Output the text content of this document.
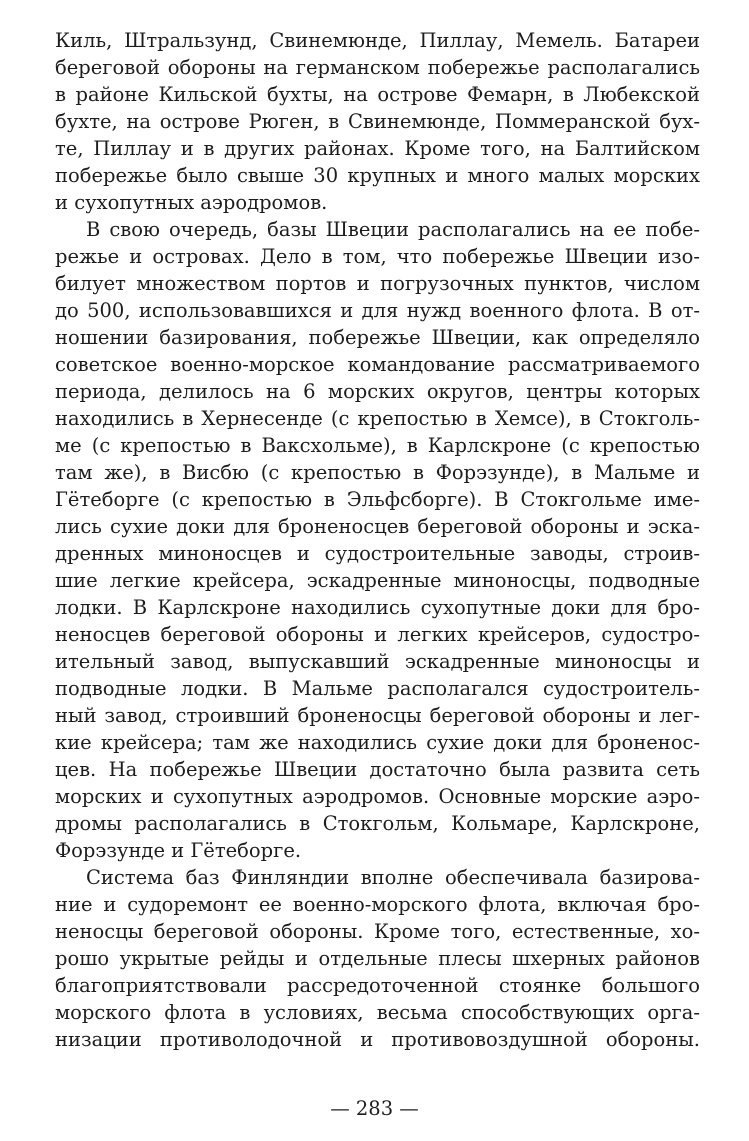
Киль, Штральзунд, Свинемюнде, Пиллау, Мемель. Батареи

береговой обороны на германском побережье располагались

в районе Кильской бухты, на острове Фемарн, в Любекской

бухте, на острове Рюген, в Свинемюнде, Поммеранской бух-

те, Пиллау и в других районах. Кроме того, на Балтийском

побережье было свыше 30 крупных и много малых морских

и сухопутных аэродромов.

В свою очередь, базы Швеции располагались на ее побе-

режье и островах. Дело в том, что побережье Швеции изо-

билует множеством портов и погрузочных пунктов, числом

до 500, использовавшихся и для нужд военного флота. В от-

ношении базирования, побережье Швеции, как определяло

советское военно-морское командование рассматриваемого

периода, делилось на 6 морских округов, центры которых

находились в Хернесенде (с крепостью в Хемсе), в Стокголь-

ме (с крепостью в Ваксхольме), в Карлскроне (с крепостью

там же), в Висбю (с крепостью в Форэзунде), в Мальме и

Гётеборге (с крепостью в Эльфсборге). В Стокгольме име-

лись сухие доки для броненосцев береговой обороны и эска-

дренных миноносцев и судостроительные заводы, строив-

шие легкие крейсера, эскадренные миноносцы, подводные

лодки. В Карлскроне находились сухопутные доки для бро-

неносцев береговой обороны и легких крейсеров, судостро-

ительный завод, выпускавший эскадренные миноносцы и

подводные лодки. В Мальме располагался судостроитель-

ный завод, строивший броненосцы береговой обороны и лег-

кие крейсера; там же находились сухие доки для броненос-

цев. На побережье Швеции достаточно была развита сеть

морских и сухопутных аэродромов. Основные морские аэро-

дромы располагались в Стокгольм, Кольмаре, Карлскроне,

Форэзунде и Гётеборге.

Система баз Финляндии вполне обеспечивала базирова-

ние и судоремонт ее военно-морского флота, включая бро-

неносцы береговой обороны. Кроме того, естественные, хо-

рошо укрытые рейды и отдельные плесы шхерных районов

благоприятствовали рассредоточенной стоянке большого

морского флота в условиях, весьма способствующих орга-

низации противолодочной и противовоздушной обороны.

— 283 —
